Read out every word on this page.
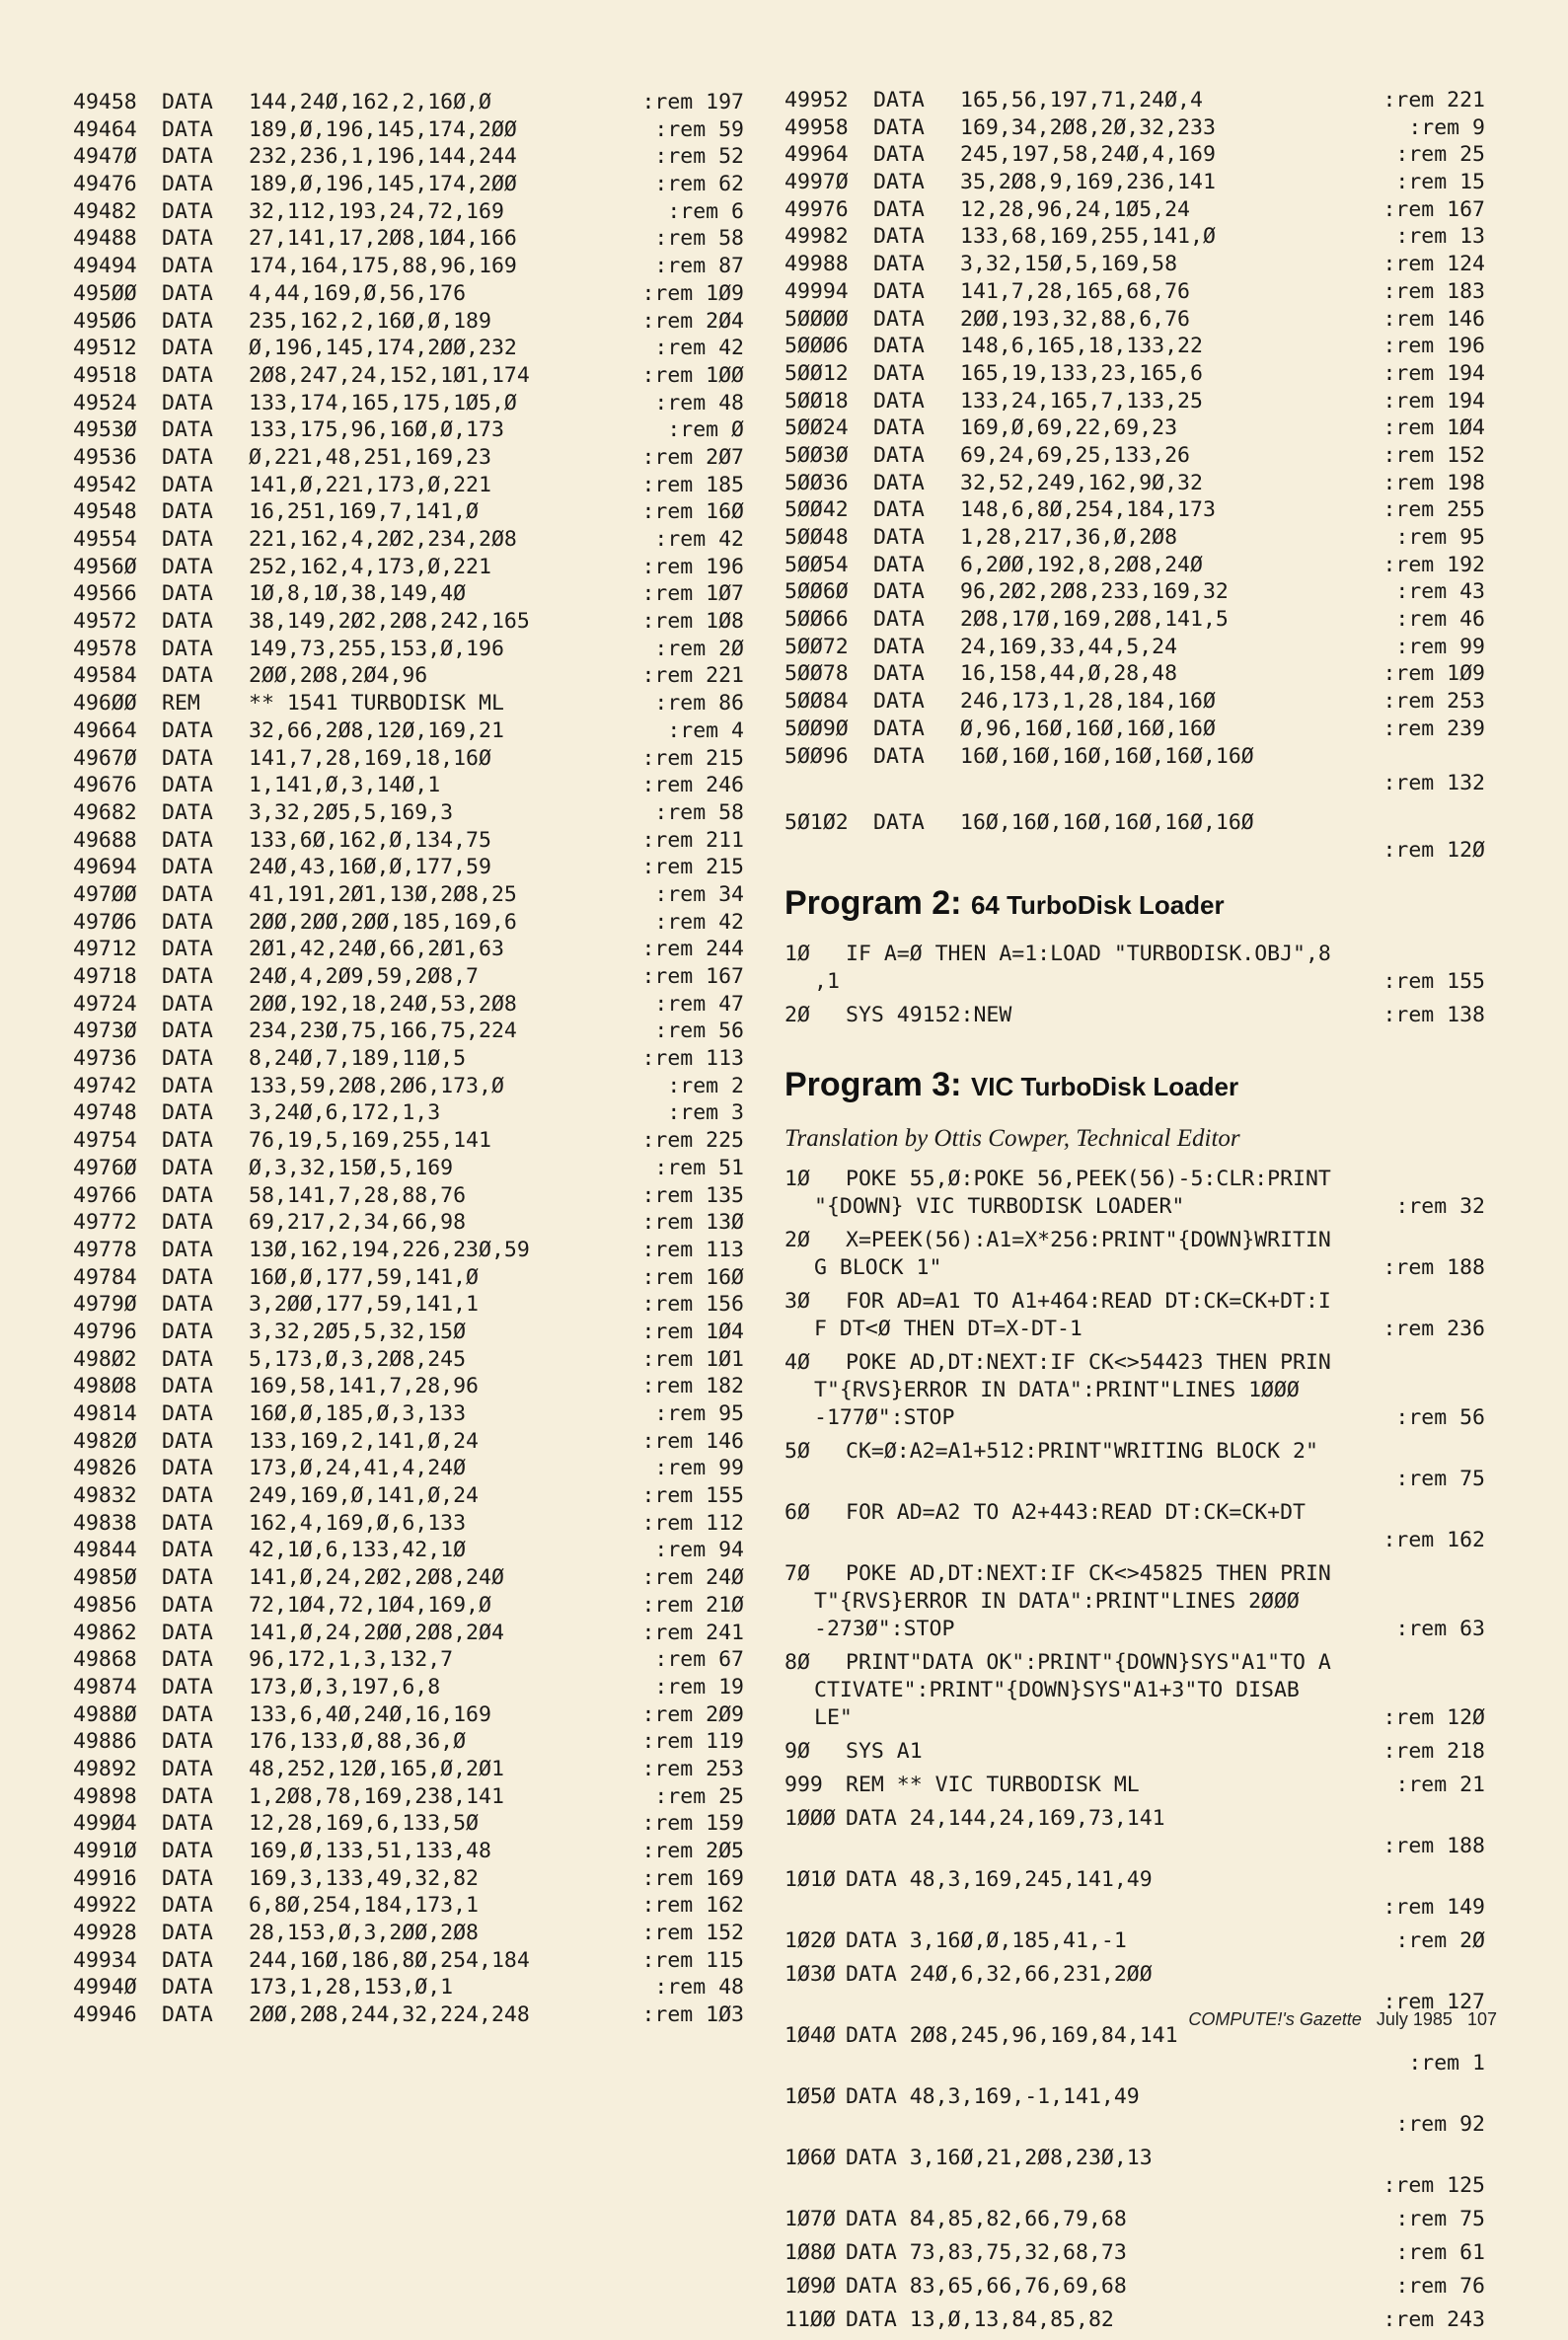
49458 DATA 144,24Ø,162,2,16Ø,Ø	:rem 197
49464 DATA 189,Ø,196,145,174,2ØØ	:rem 59
4947Ø DATA 232,236,1,196,144,244	:rem 52
49476 DATA 189,Ø,196,145,174,2ØØ	:rem 62
49482 DATA 32,112,193,24,72,169	:rem 6
49488 DATA 27,141,17,2Ø8,1Ø4,166	:rem 58
49494 DATA 174,164,175,88,96,169	:rem 87
495ØØ DATA 4,44,169,Ø,56,176	:rem 1Ø9
495Ø6 DATA 235,162,2,16Ø,Ø,189	:rem 2Ø4
49512 DATA Ø,196,145,174,2ØØ,232	:rem 42
49518 DATA 2Ø8,247,24,152,1Ø1,174	:rem 1ØØ
49524 DATA 133,174,165,175,1Ø5,Ø	:rem 48
4953Ø DATA 133,175,96,16Ø,Ø,173	:rem Ø
49536 DATA Ø,221,48,251,169,23	:rem 2Ø7
49542 DATA 141,Ø,221,173,Ø,221	:rem 185
49548 DATA 16,251,169,7,141,Ø	:rem 16Ø
49554 DATA 221,162,4,2Ø2,234,2Ø8	:rem 42
4956Ø DATA 252,162,4,173,Ø,221	:rem 196
49566 DATA 1Ø,8,1Ø,38,149,4Ø	:rem 1Ø7
49572 DATA 38,149,2Ø2,2Ø8,242,165	:rem 1Ø8
49578 DATA 149,73,255,153,Ø,196	:rem 2Ø
49584 DATA 2ØØ,2Ø8,2Ø4,96	:rem 221
496ØØ REM ** 1541 TURBODISK ML	:rem 86
49664 DATA 32,66,2Ø8,12Ø,169,21	:rem 4
4967Ø DATA 141,7,28,169,18,16Ø	:rem 215
49676 DATA 1,141,Ø,3,14Ø,1	:rem 246
49682 DATA 3,32,2Ø5,5,169,3	:rem 58
49688 DATA 133,6Ø,162,Ø,134,75	:rem 211
49694 DATA 24Ø,43,16Ø,Ø,177,59	:rem 215
497ØØ DATA 41,191,2Ø1,13Ø,2Ø8,25	:rem 34
497Ø6 DATA 2ØØ,2ØØ,2ØØ,185,169,6	:rem 42
49712 DATA 2Ø1,42,24Ø,66,2Ø1,63	:rem 244
49718 DATA 24Ø,4,2Ø9,59,2Ø8,7	:rem 167
49724 DATA 2ØØ,192,18,24Ø,53,2Ø8	:rem 47
4973Ø DATA 234,23Ø,75,166,75,224	:rem 56
49736 DATA 8,24Ø,7,189,11Ø,5	:rem 113
49742 DATA 133,59,2Ø8,2Ø6,173,Ø	:rem 2
49748 DATA 3,24Ø,6,172,1,3	:rem 3
49754 DATA 76,19,5,169,255,141	:rem 225
4976Ø DATA Ø,3,32,15Ø,5,169	:rem 51
49766 DATA 58,141,7,28,88,76	:rem 135
49772 DATA 69,217,2,34,66,98	:rem 13Ø
49778 DATA 13Ø,162,194,226,23Ø,59	:rem 113
49784 DATA 16Ø,Ø,177,59,141,Ø	:rem 16Ø
4979Ø DATA 3,2ØØ,177,59,141,1	:rem 156
49796 DATA 3,32,2Ø5,5,32,15Ø	:rem 1Ø4
498Ø2 DATA 5,173,Ø,3,2Ø8,245	:rem 1Ø1
498Ø8 DATA 169,58,141,7,28,96	:rem 182
49814 DATA 16Ø,Ø,185,Ø,3,133	:rem 95
4982Ø DATA 133,169,2,141,Ø,24	:rem 146
49826 DATA 173,Ø,24,41,4,24Ø	:rem 99
49832 DATA 249,169,Ø,141,Ø,24	:rem 155
49838 DATA 162,4,169,Ø,6,133	:rem 112
49844 DATA 42,1Ø,6,133,42,1Ø	:rem 94
4985Ø DATA 141,Ø,24,2Ø2,2Ø8,24Ø	:rem 24Ø
49856 DATA 72,1Ø4,72,1Ø4,169,Ø	:rem 21Ø
49862 DATA 141,Ø,24,2ØØ,2Ø8,2Ø4	:rem 241
49868 DATA 96,172,1,3,132,7	:rem 67
49874 DATA 173,Ø,3,197,6,8	:rem 19
4988Ø DATA 133,6,4Ø,24Ø,16,169	:rem 2Ø9
49886 DATA 176,133,Ø,88,36,Ø	:rem 119
49892 DATA 48,252,12Ø,165,Ø,2Ø1	:rem 253
49898 DATA 1,2Ø8,78,169,238,141	:rem 25
499Ø4 DATA 12,28,169,6,133,5Ø	:rem 159
4991Ø DATA 169,Ø,133,51,133,48	:rem 2Ø5
49916 DATA 169,3,133,49,32,82	:rem 169
49922 DATA 6,8Ø,254,184,173,1	:rem 162
49928 DATA 28,153,Ø,3,2ØØ,2Ø8	:rem 152
49934 DATA 244,16Ø,186,8Ø,254,184	:rem 115
4994Ø DATA 173,1,28,153,Ø,1	:rem 48
49946 DATA 2ØØ,2Ø8,244,32,224,248	:rem 1Ø3
49952 DATA 165,56,197,71,24Ø,4	:rem 221
49958 DATA 169,34,2Ø8,2Ø,32,233	:rem 9
49964 DATA 245,197,58,24Ø,4,169	:rem 25
4997Ø DATA 35,2Ø8,9,169,236,141	:rem 15
49976 DATA 12,28,96,24,1Ø5,24	:rem 167
49982 DATA 133,68,169,255,141,Ø	:rem 13
49988 DATA 3,32,15Ø,5,169,58	:rem 124
49994 DATA 141,7,28,165,68,76	:rem 183
5ØØØØ DATA 2ØØ,193,32,88,6,76	:rem 146
5ØØØ6 DATA 148,6,165,18,133,22	:rem 196
5ØØ12 DATA 165,19,133,23,165,6	:rem 194
5ØØ18 DATA 133,24,165,7,133,25	:rem 194
5ØØ24 DATA 169,Ø,69,22,69,23	:rem 1Ø4
5ØØ3Ø DATA 69,24,69,25,133,26	:rem 152
5ØØ36 DATA 32,52,249,162,9Ø,32	:rem 198
5ØØ42 DATA 148,6,8Ø,254,184,173	:rem 255
5ØØ48 DATA 1,28,217,36,Ø,2Ø8	:rem 95
5ØØ54 DATA 6,2ØØ,192,8,2Ø8,24Ø	:rem 192
5ØØ6Ø DATA 96,2Ø2,2Ø8,233,169,32	:rem 43
5ØØ66 DATA 2Ø8,17Ø,169,2Ø8,141,5	:rem 46
5ØØ72 DATA 24,169,33,44,5,24	:rem 99
5ØØ78 DATA 16,158,44,Ø,28,48	:rem 1Ø9
5ØØ84 DATA 246,173,1,28,184,16Ø	:rem 253
5ØØ9Ø DATA Ø,96,16Ø,16Ø,16Ø,16Ø	:rem 239
5ØØ96 DATA 16Ø,16Ø,16Ø,16Ø,16Ø,16Ø
:rem 132
5Ø1Ø2 DATA 16Ø,16Ø,16Ø,16Ø,16Ø,16Ø
:rem 12Ø
Program 2: 64 TurboDisk Loader
1Ø IF A=Ø THEN A=1:LOAD "TURBODISK.OBJ",8
,1	:rem 155
2Ø SYS 49152:NEW	:rem 138
Program 3: VIC TurboDisk Loader
Translation by Ottis Cowper, Technical Editor
1Ø POKE 55,Ø:POKE 56,PEEK(56)-5:CLR:PRINT
"{DOWN} VIC TURBODISK LOADER"	:rem 32
2Ø X=PEEK(56):A1=X*256:PRINT"{DOWN}WRITIN
G BLOCK 1"	:rem 188
3Ø FOR AD=A1 TO A1+464:READ DT:CK=CK+DT:I
F DT<Ø THEN DT=X-DT-1	:rem 236
4Ø POKE AD,DT:NEXT:IF CK<>54423 THEN PRIN
T"{RVS}ERROR IN DATA":PRINT"LINES 1ØØØ
-177Ø":STOP	:rem 56
5Ø CK=Ø:A2=A1+512:PRINT"WRITING BLOCK 2"

:rem 75
6Ø FOR AD=A2 TO A2+443:READ DT:CK=CK+DT

:rem 162
7Ø POKE AD,DT:NEXT:IF CK<>45825 THEN PRIN
T"{RVS}ERROR IN DATA":PRINT"LINES 2ØØØ
-273Ø":STOP	:rem 63
8Ø PRINT"DATA OK":PRINT"{DOWN}SYS"A1"TO A
CTIVATE":PRINT"{DOWN}SYS"A1+3"TO DISAB
LE"	:rem 12Ø
9Ø SYS A1	:rem 218
999 REM ** VIC TURBODISK ML	:rem 21
1ØØØ DATA 24,144,24,169,73,141

:rem 188
1Ø1Ø DATA 48,3,169,245,141,49

:rem 149
1Ø2Ø DATA 3,16Ø,Ø,185,41,-1	:rem 2Ø
1Ø3Ø DATA 24Ø,6,32,66,231,2ØØ

:rem 127
1Ø4Ø DATA 2Ø8,245,96,169,84,141

:rem 1
1Ø5Ø DATA 48,3,169,-1,141,49

:rem 92
1Ø6Ø DATA 3,16Ø,21,2Ø8,23Ø,13

:rem 125
1Ø7Ø DATA 84,85,82,66,79,68	:rem 75
1Ø8Ø DATA 73,83,75,32,68,73	:rem 61
1Ø9Ø DATA 83,65,66,76,69,68	:rem 76
11ØØ DATA 13,Ø,13,84,85,82	:rem 243
COMPUTE!'s Gazette July 1985 107
